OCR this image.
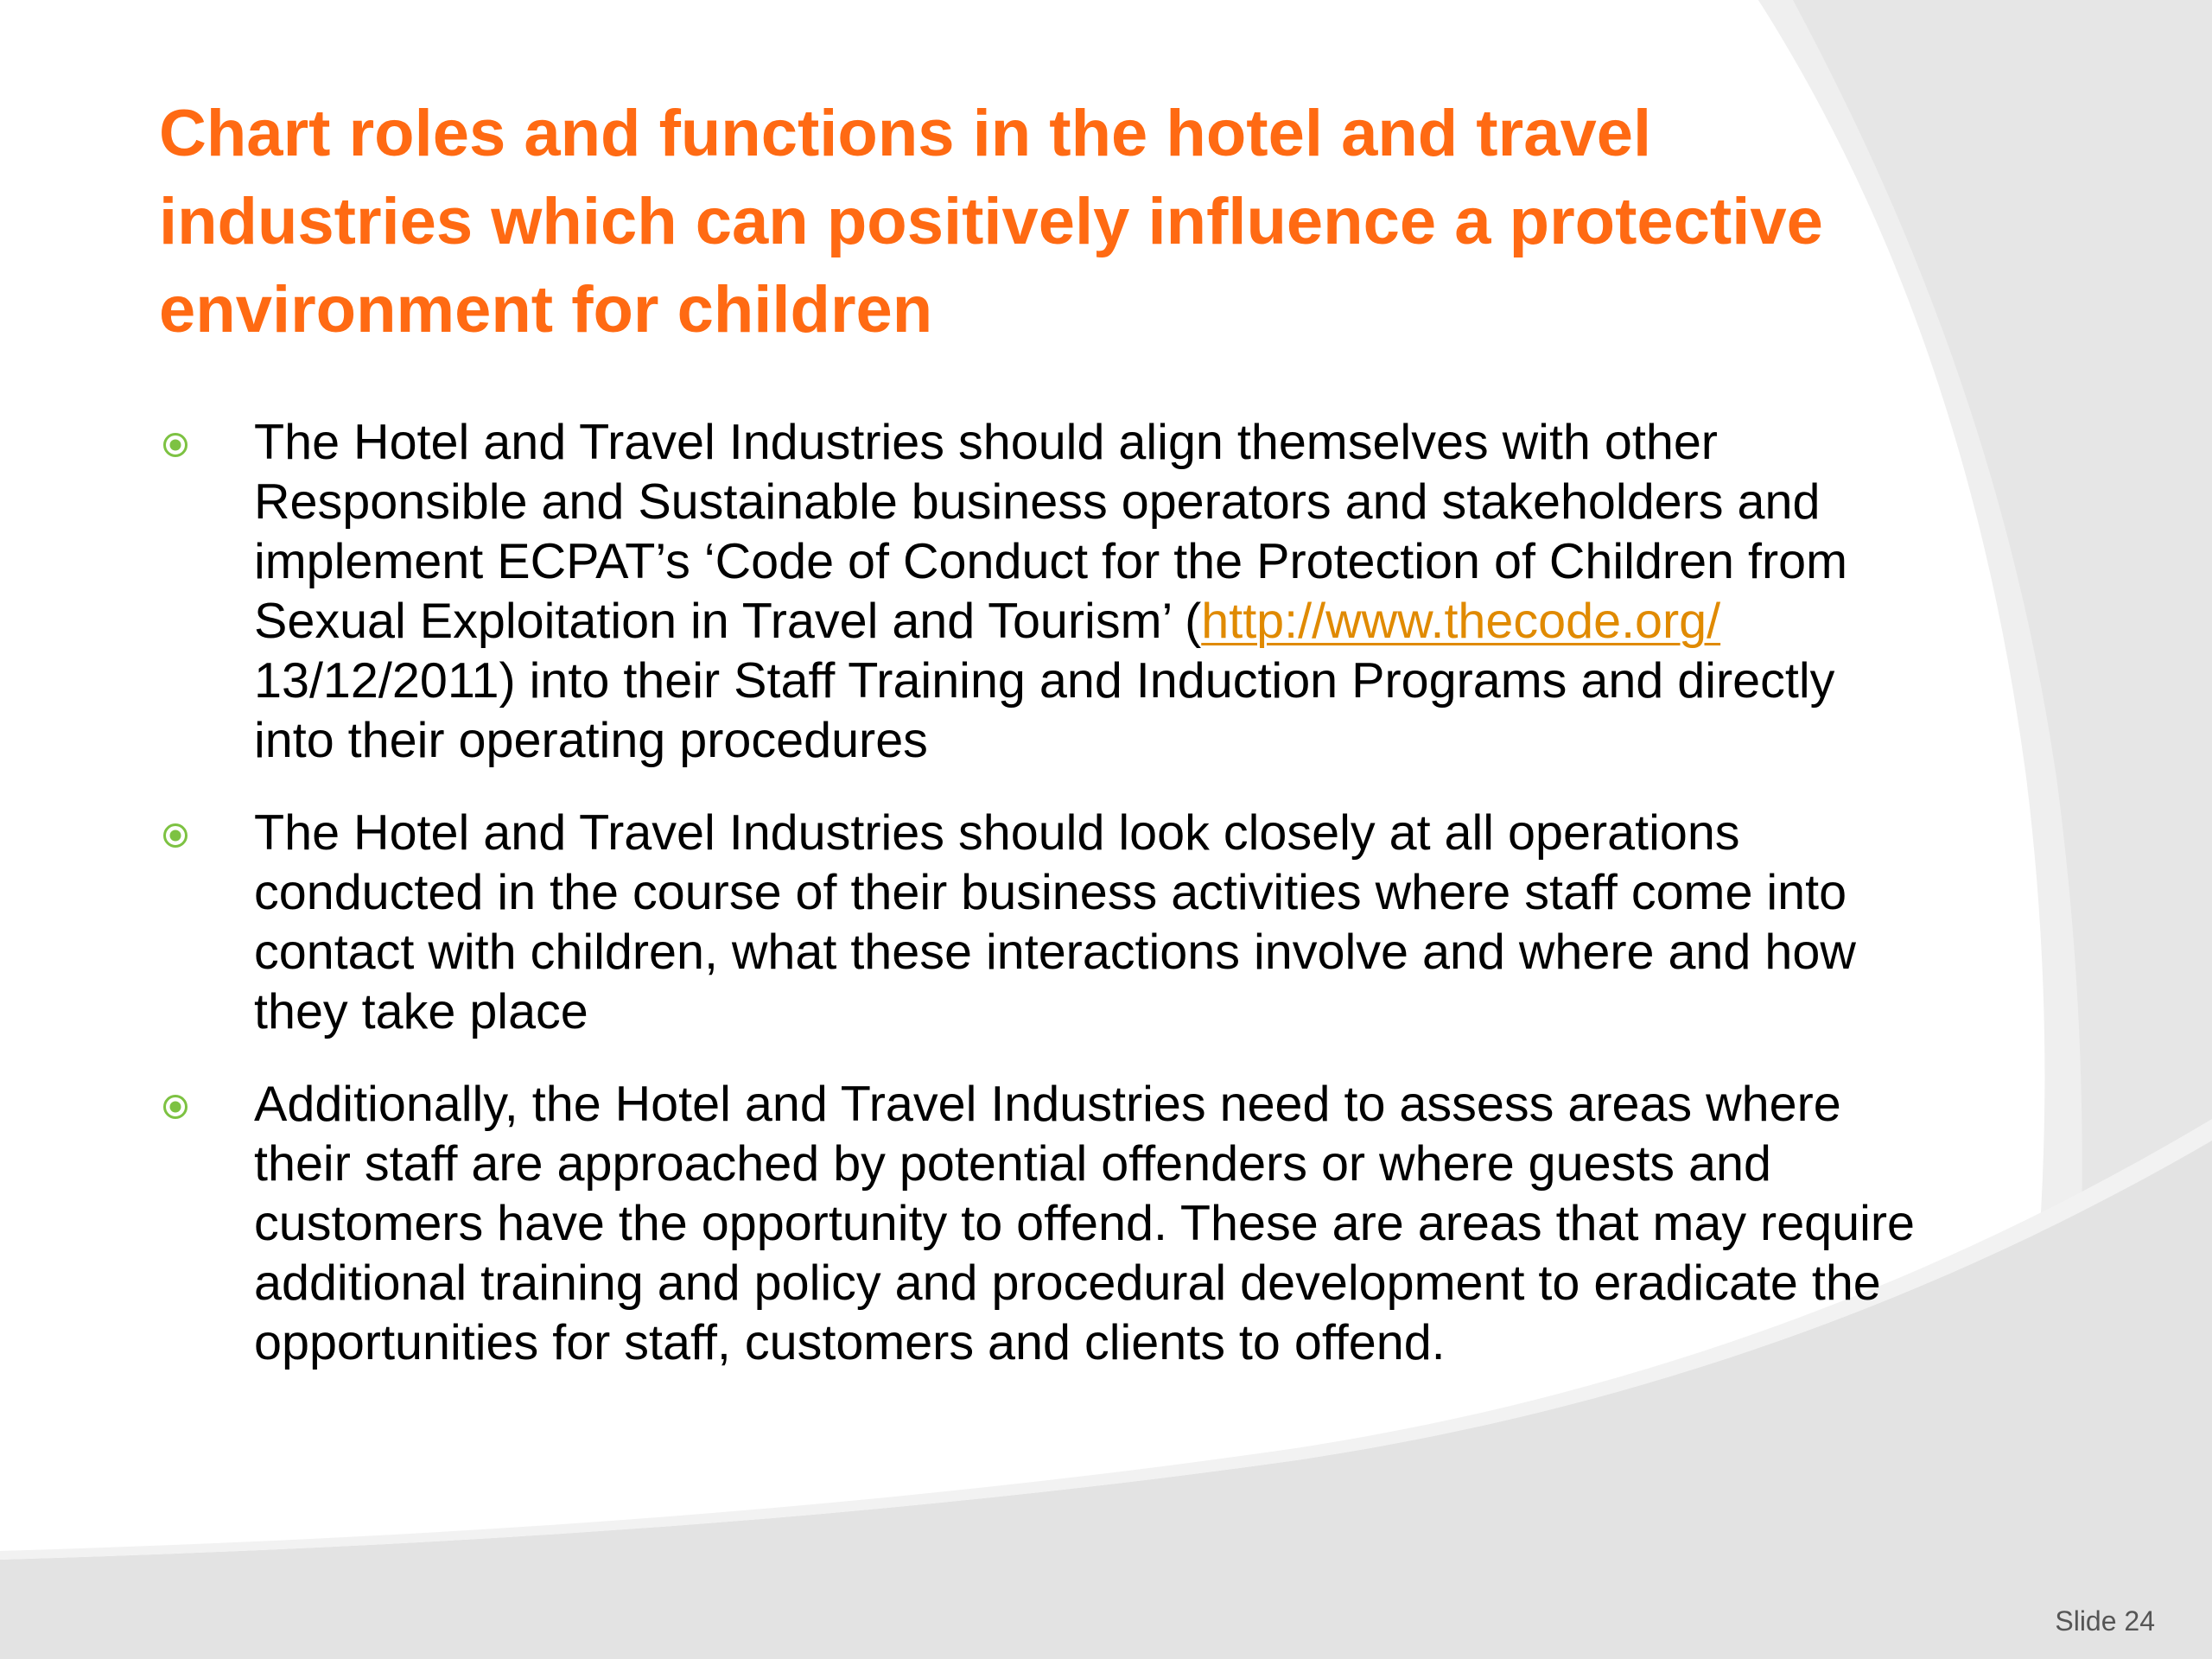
Chart roles and functions in the hotel and travel industries which can positively influence a protective environment for children
The Hotel and Travel Industries should align themselves with other Responsible and Sustainable business operators and stakeholders and implement ECPAT’s ‘Code of Conduct for the Protection of Children from Sexual Exploitation in Travel and Tourism’ (http://www.thecode.org/ 13/12/2011) into their Staff Training and Induction Programs and directly into their operating procedures
The Hotel and Travel Industries should look closely at all operations conducted in the course of their business activities where staff come into contact with children, what these interactions involve and where and how they take place
Additionally, the Hotel and Travel Industries need to assess areas where their staff are approached by potential offenders or where guests and customers have the opportunity to offend. These are areas that may require additional training and policy and procedural development to eradicate the opportunities for staff, customers and clients to offend.
Slide 24
